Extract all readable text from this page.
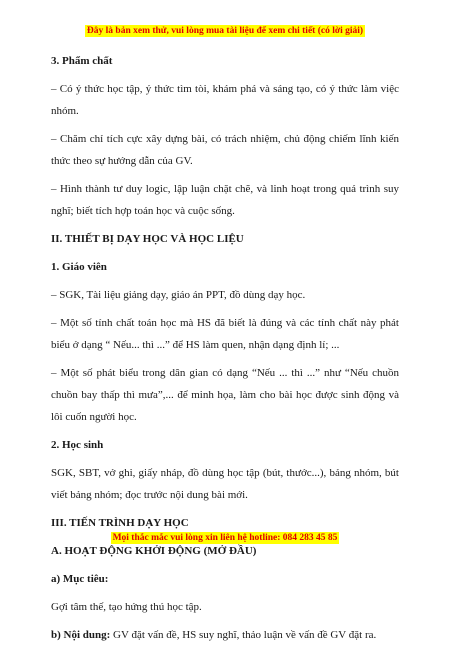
Đây là bản xem thử, vui lòng mua tài liệu để xem chi tiết (có lời giải)

3. Phẩm chất

– Có ý thức học tập, ý thức tìm tòi, khám phá và sáng tạo, có ý thức làm việc nhóm.

– Chăm chỉ tích cực xây dựng bài, có trách nhiệm, chủ động chiếm lĩnh kiến thức theo sự hướng dẫn của GV.

– Hình thành tư duy logic, lập luận chặt chẽ, và linh hoạt trong quá trình suy nghĩ; biết tích hợp toán học và cuộc sống.

II. THIẾT BỊ DẠY HỌC VÀ HỌC LIỆU

1. Giáo viên

– SGK, Tài liệu giảng dạy, giáo án PPT, đồ dùng dạy học.

– Một số tính chất toán học mà HS đã biết là đúng và các tính chất này phát biểu ở dạng “ Nếu... thì ...” để HS làm quen, nhận dạng định lí; ...

– Một số phát biểu trong dân gian có dạng “Nếu ... thì ...” như “Nếu chuồn chuồn bay thấp thì mưa”,... để minh họa, làm cho bài học được sinh động và lôi cuốn người học.

2. Học sinh

SGK, SBT, vở ghi, giấy nháp, đồ dùng học tập (bút, thước...), bảng nhóm, bút viết bảng nhóm; đọc trước nội dung bài mới.

III. TIẾN TRÌNH DẠY HỌC

A. HOẠT ĐỘNG KHỞI ĐỘNG (MỞ ĐẦU)

a) Mục tiêu:

Gợi tâm thế, tạo hứng thú học tập.

b) Nội dung: GV đặt vấn đề, HS suy nghĩ, thảo luận về vấn đề GV đặt ra.

Mọi thắc mắc vui lòng xin liên hệ hotline: 084 283 45 85
